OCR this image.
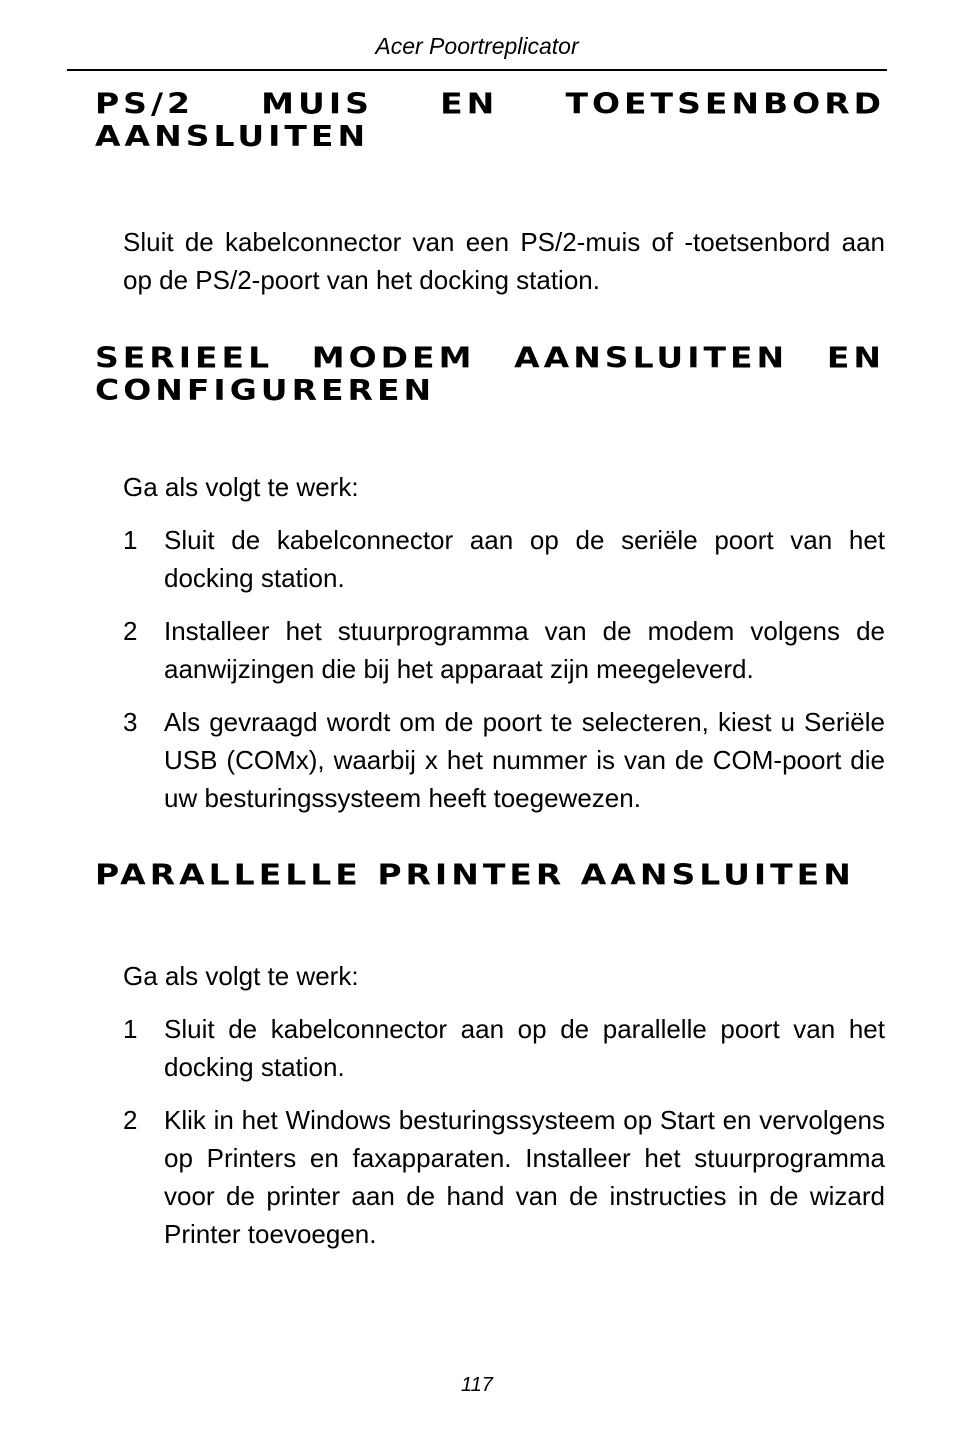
Acer Poortreplicator
PS/2 MUIS EN TOETSENBORD AANSLUITEN

Sluit de kabelconnector van een PS/2-muis of -toetsenbord aan op de PS/2-poort van het docking station.

SERIEEL MODEM AANSLUITEN EN CONFIGUREREN
Ga als volgt te werk:
1	Sluit de kabelconnector aan op de seriële poort van het docking station.
2	Installeer het stuurprogramma van de modem volgens de aanwijzingen die bij het apparaat zijn meegeleverd.
3	Als gevraagd wordt om de poort te selecteren, kiest u Seriële USB (COMx), waarbij x het nummer is van de COM-poort die uw besturingssysteem heeft toegewezen.
PARALLELLE PRINTER AANSLUITEN
Ga als volgt te werk:
1	Sluit de kabelconnector aan op de parallelle poort van het docking station.
2	Klik in het Windows besturingssysteem op Start en vervolgens op Printers en faxapparaten. Installeer het stuurprogramma voor de printer aan de hand van de instructies in de wizard Printer toevoegen.
117
